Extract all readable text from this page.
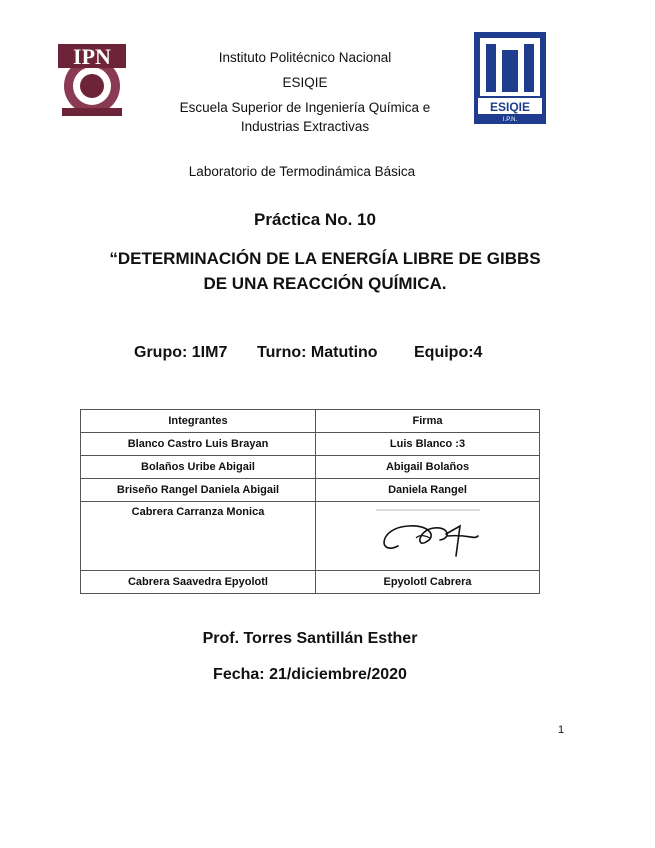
IPN
ESIQIE
I.P.N.
Instituto Politécnico Nacional
ESIQIE
Escuela Superior de Ingeniería Química e
Industrias Extractivas
Laboratorio de Termodinámica Básica
Práctica No. 10
“DETERMINACIÓN DE LA ENERGÍA LIBRE DE GIBBS
DE UNA REACCIÓN QUÍMICA.
Grupo: 1IM7 Turno: Matutino Equipo:4
Integrantes	Firma
Blanco Castro Luis Brayan	Luis Blanco :3
Bolaños Uribe Abigail	Abigail Bolaños
Briseño Rangel Daniela Abigail	Daniela Rangel
Cabrera Carranza Monica	
Cabrera Saavedra Epyolotl	Epyolotl Cabrera
Prof. Torres Santillán Esther
Fecha: 21/diciembre/2020
1
